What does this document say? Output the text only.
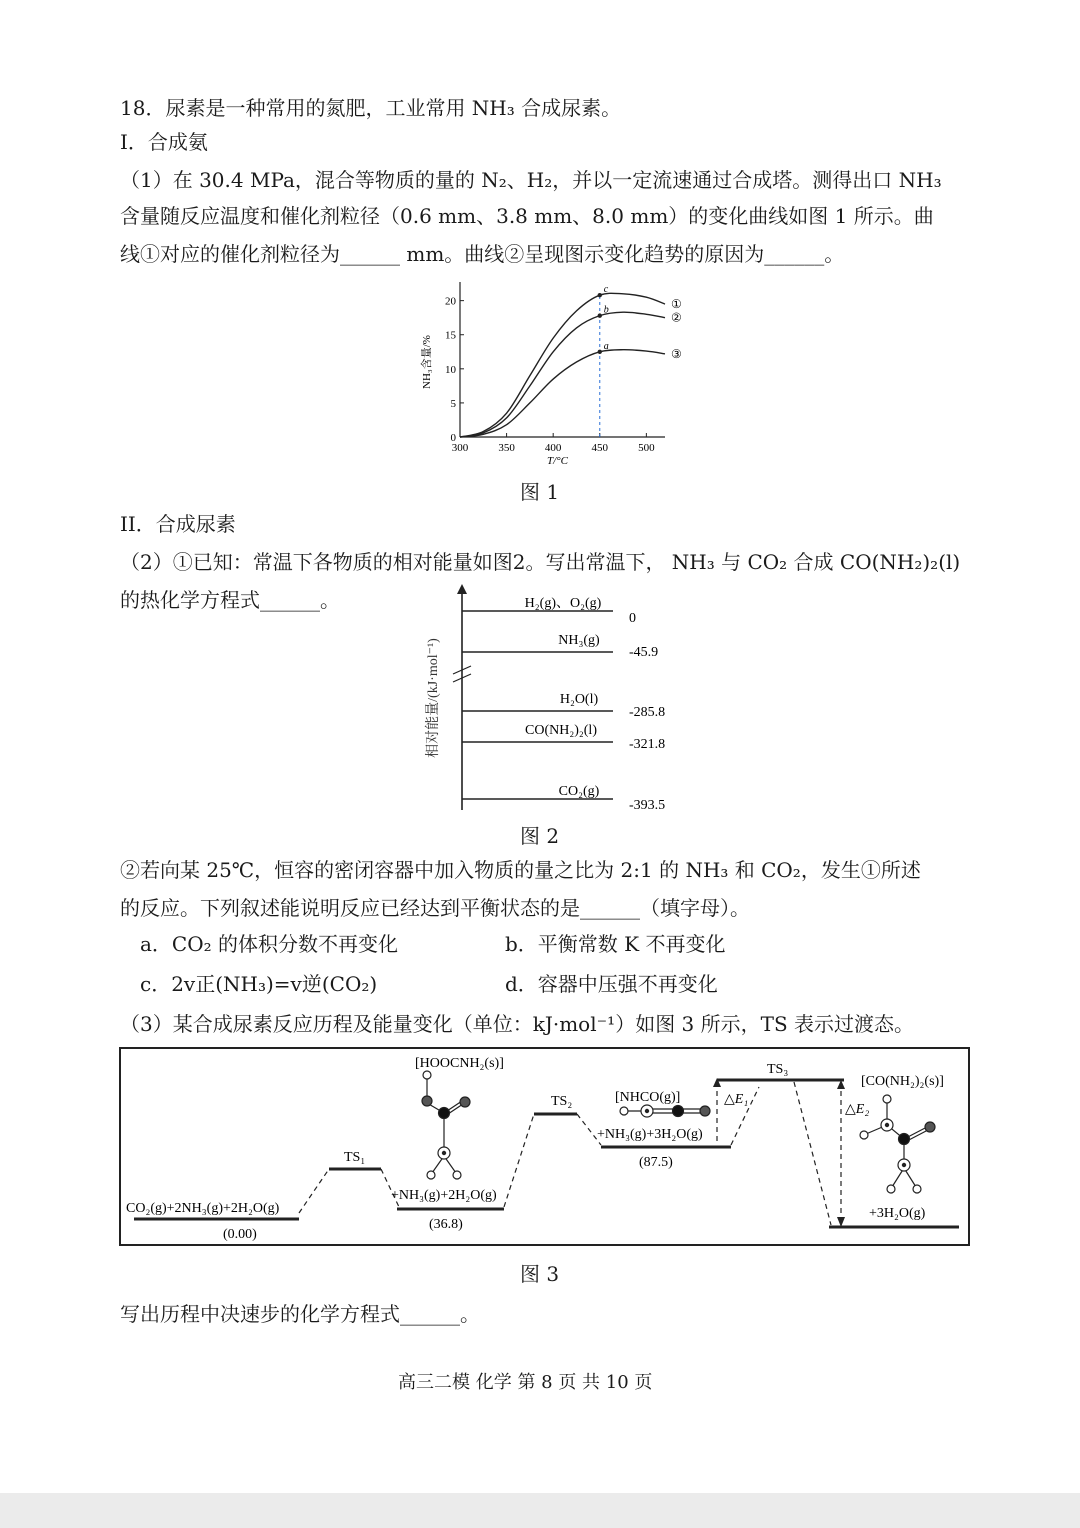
18．尿素是一种常用的氮肥，工业常用 NH₃ 合成尿素。
I．合成氨
（1）在 30.4 MPa，混合等物质的量的 N₂、H₂，并以一定流速通过合成塔。测得出口 NH₃
含量随反应温度和催化剂粒径（0.6 mm、3.8 mm、8.0 mm）的变化曲线如图 1 所示。曲
线①对应的催化剂粒径为______ mm。曲线②呈现图示变化趋势的原因为______。
300	350	400	450	500
0
5
10
15
20
T/°C
NH₃含量/%
①
②
③
c
b
a
图 1
II．合成尿素
（2）①已知：常温下各物质的相对能量如图2。写出常温下， NH₃ 与 CO₂ 合成 CO(NH₂)₂(l)
的热化学方程式______。
相对能量/(kJ·mol⁻¹)
H₂(g)、O₂(g)
0
NH₃(g)
-45.9
H₂O(l)
-285.8
CO(NH₂)₂(l)
-321.8
CO₂(g)
-393.5
图 2
②若向某 25℃，恒容的密闭容器中加入物质的量之比为 2:1 的 NH₃ 和 CO₂，发生①所述
的反应。下列叙述能说明反应已经达到平衡状态的是______（填字母）。
a．CO₂ 的体积分数不再变化	b．平衡常数 K 不再变化
c．2v正(NH₃)=v逆(CO₂)	d．容器中压强不再变化
（3）某合成尿素反应历程及能量变化（单位：kJ·mol⁻¹）如图 3 所示，TS 表示过渡态。
CO₂(g)+2NH₃(g)+2H₂O(g)
(0.00)
TS₁
[HOOCNH₂(s)]
+NH₃(g)+2H₂O(g)
(36.8)
TS₂	[NHCO(g)]
+NH₃(g)+3H₂O(g)
(87.5)
TS₃
△E₁
△E₂
[CO(NH₂)₂(s)]
+3H₂O(g)
图 3
写出历程中决速步的化学方程式______。
高三二模 化学 第 8 页 共 10 页
